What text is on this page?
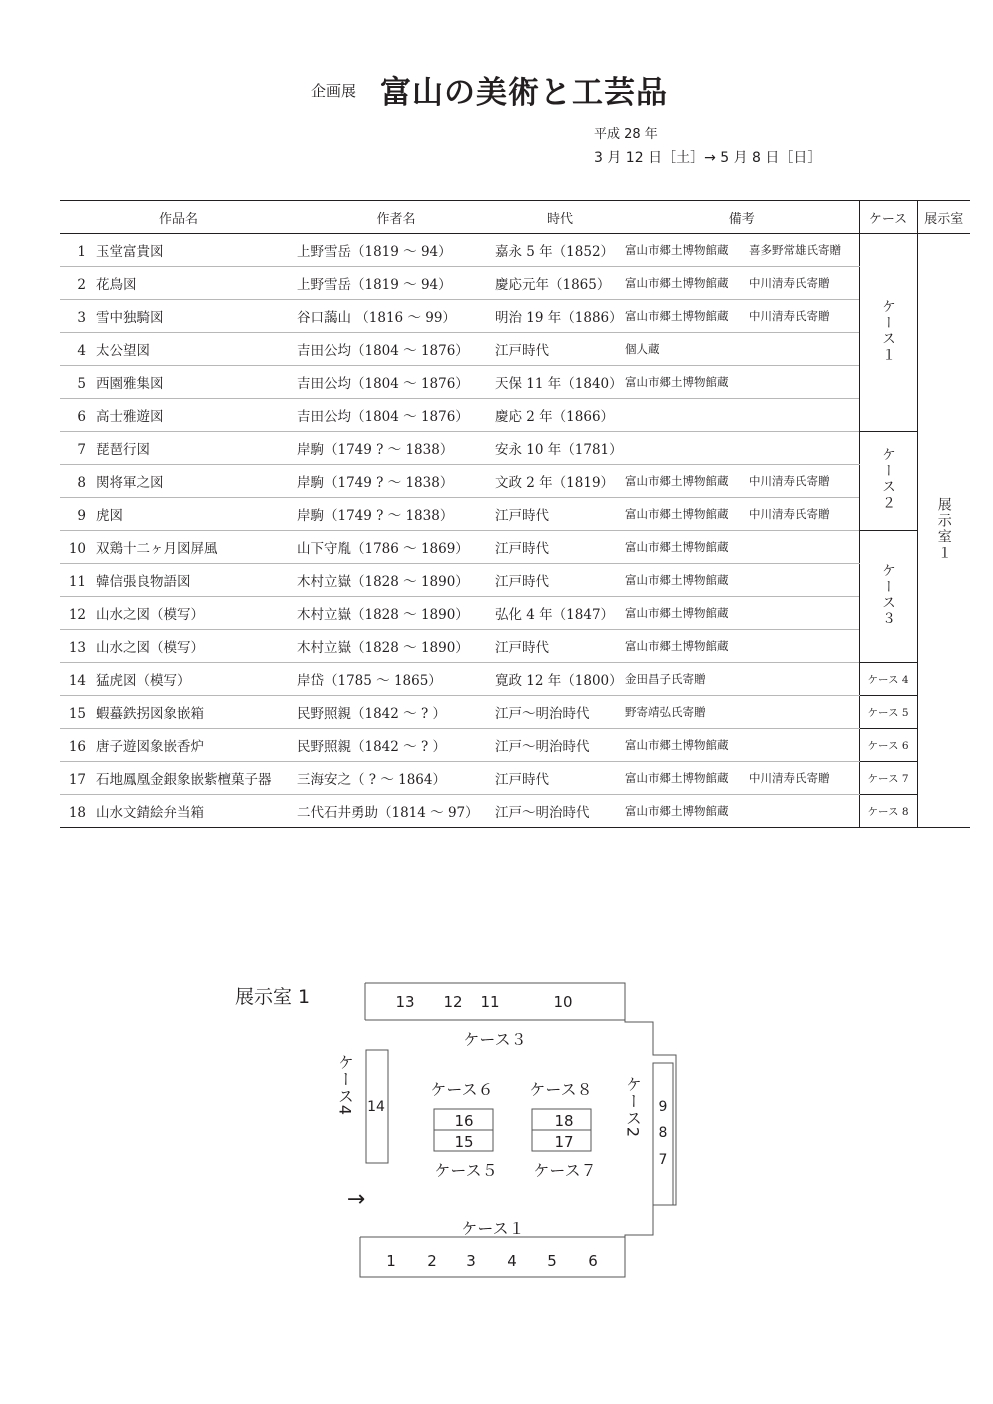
企画展 富山の美術と工芸品
平成 28 年
3 月 12 日［土］→ 5 月 8 日［日］
作品名	作者名	時代	備考	ケース	展示室
1 玉堂富貴図	上野雪岳（1819 ～ 94）	嘉永 5 年（1852）	富山市郷土博物館蔵 喜多野常雄氏寄贈	ケース１	展示室１
2 花鳥図	上野雪岳（1819 ～ 94）	慶応元年（1865）	富山市郷土博物館蔵 中川清寿氏寄贈		
3 雪中独騎図	谷口藹山 （1816 ～ 99）	明治 19 年（1886）	富山市郷土博物館蔵 中川清寿氏寄贈		
4 太公望図	吉田公均（1804 ～ 1876）	江戸時代	個人蔵		
5 西園雅集図	吉田公均（1804 ～ 1876）	天保 11 年（1840）	富山市郷土博物館蔵		
6 高士雅遊図	吉田公均（1804 ～ 1876）	慶応 2 年（1866）			
7 琵琶行図	岸駒（1749 ? ～ 1838）	安永 10 年（1781）		ケース２	
8 関将軍之図	岸駒（1749 ? ～ 1838）	文政 2 年（1819）	富山市郷土博物館蔵 中川清寿氏寄贈		
9 虎図	岸駒（1749 ? ～ 1838）	江戸時代	富山市郷土博物館蔵 中川清寿氏寄贈		
10 双鶏十二ヶ月図屏風	山下守胤（1786 ～ 1869）	江戸時代	富山市郷土博物館蔵	ケース３	
11 韓信張良物語図	木村立嶽（1828 ～ 1890）	江戸時代	富山市郷土博物館蔵		
12 山水之図（模写）	木村立嶽（1828 ～ 1890）	弘化 4 年（1847）	富山市郷土博物館蔵		
13 山水之図（模写）	木村立嶽（1828 ～ 1890）	江戸時代	富山市郷土博物館蔵		
14 猛虎図（模写）	岸岱（1785 ～ 1865）	寛政 12 年（1800）	金田昌子氏寄贈	ケース 4	
15 蝦蟇鉄拐図象嵌箱	民野照親（1842 ～ ? ）	江戸～明治時代	野寄靖弘氏寄贈	ケース 5	
16 唐子遊図象嵌香炉	民野照親（1842 ～ ? ）	江戸～明治時代	富山市郷土博物館蔵	ケース 6	
17 石地鳳凰金銀象嵌紫檀菓子器	三海安之（ ? ～ 1864）	江戸時代	富山市郷土博物館蔵 中川清寿氏寄贈	ケース 7	
18 山水文錆絵弁当箱	二代石井勇助（1814 ～ 97）	江戸～明治時代	富山市郷土博物館蔵	ケース 8	
展示室 1	13 12 11	10
ケース３
ケース６ ケース８
16
15
18
17
ケース５ ケース７
ケース4 14	ケース2 9
8
7
→
ケース１
1 2 3 4 5 6
